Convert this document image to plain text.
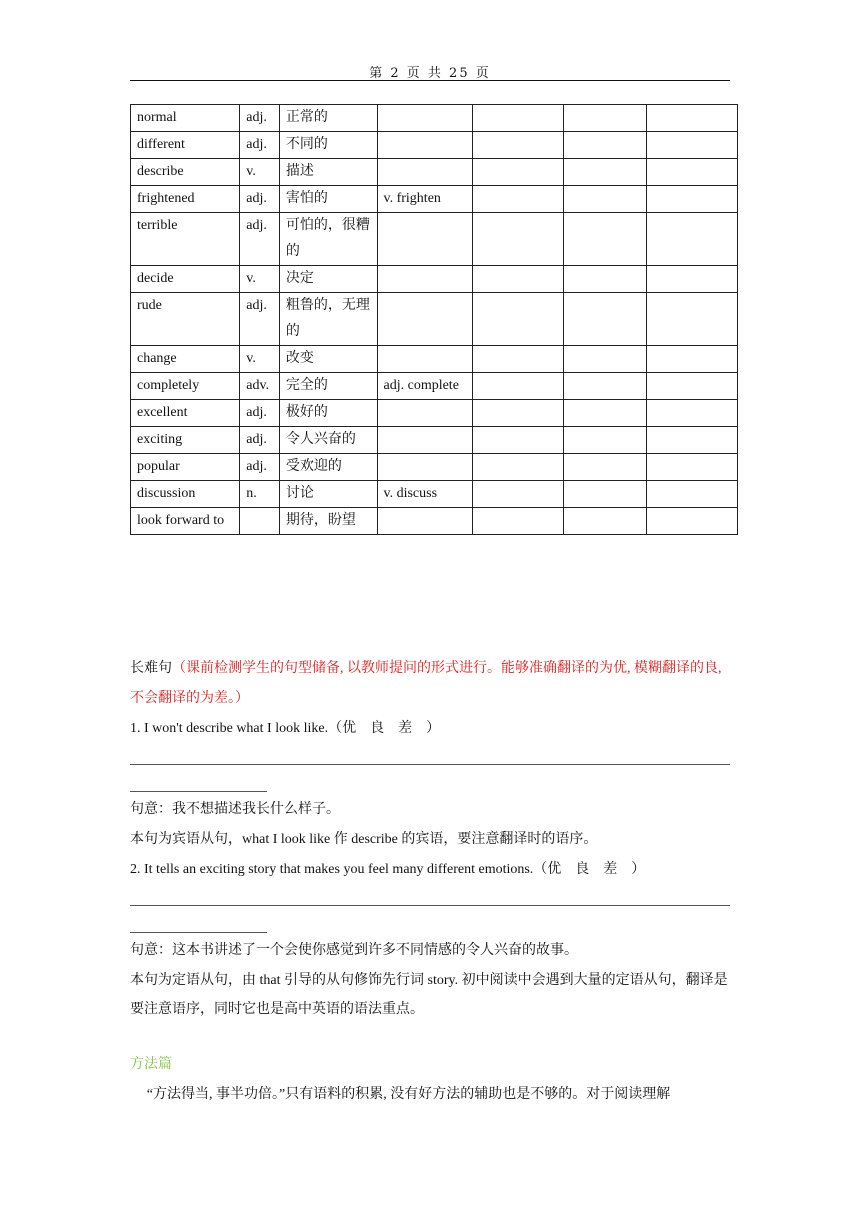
第 2 页 共 25 页
normal	adj.	正常的				
different	adj.	不同的				
describe	v.	描述				
frightened	adj.	害怕的	v. frighten			
terrible	adj.	可怕的，很糟的				
decide	v.	决定				
rude	adj.	粗鲁的，无理的				
change	v.	改变				
completely	adv.	完全的	adj. complete			
excellent	adj.	极好的				
exciting	adj.	令人兴奋的				
popular	adj.	受欢迎的				
discussion	n.	讨论	v. discuss			
look forward to		期待，盼望				
长难句（课前检测学生的句型储备, 以教师提问的形式进行。能够准确翻译的为优, 模糊翻译的良, 不会翻译的为差。）
1. I won't describe what I look like.（优　良　差　）
句意：我不想描述我长什么样子。
本句为宾语从句，what I look like 作 describe 的宾语，要注意翻译时的语序。
2. It tells an exciting story that makes you feel many different emotions.（优　良　差　）
句意：这本书讲述了一个会使你感觉到许多不同情感的令人兴奋的故事。
本句为定语从句，由 that 引导的从句修饰先行词 story. 初中阅读中会遇到大量的定语从句，翻译是要注意语序，同时它也是高中英语的语法重点。
方法篇
“方法得当, 事半功倍。”只有语料的积累, 没有好方法的辅助也是不够的。对于阅读理解
